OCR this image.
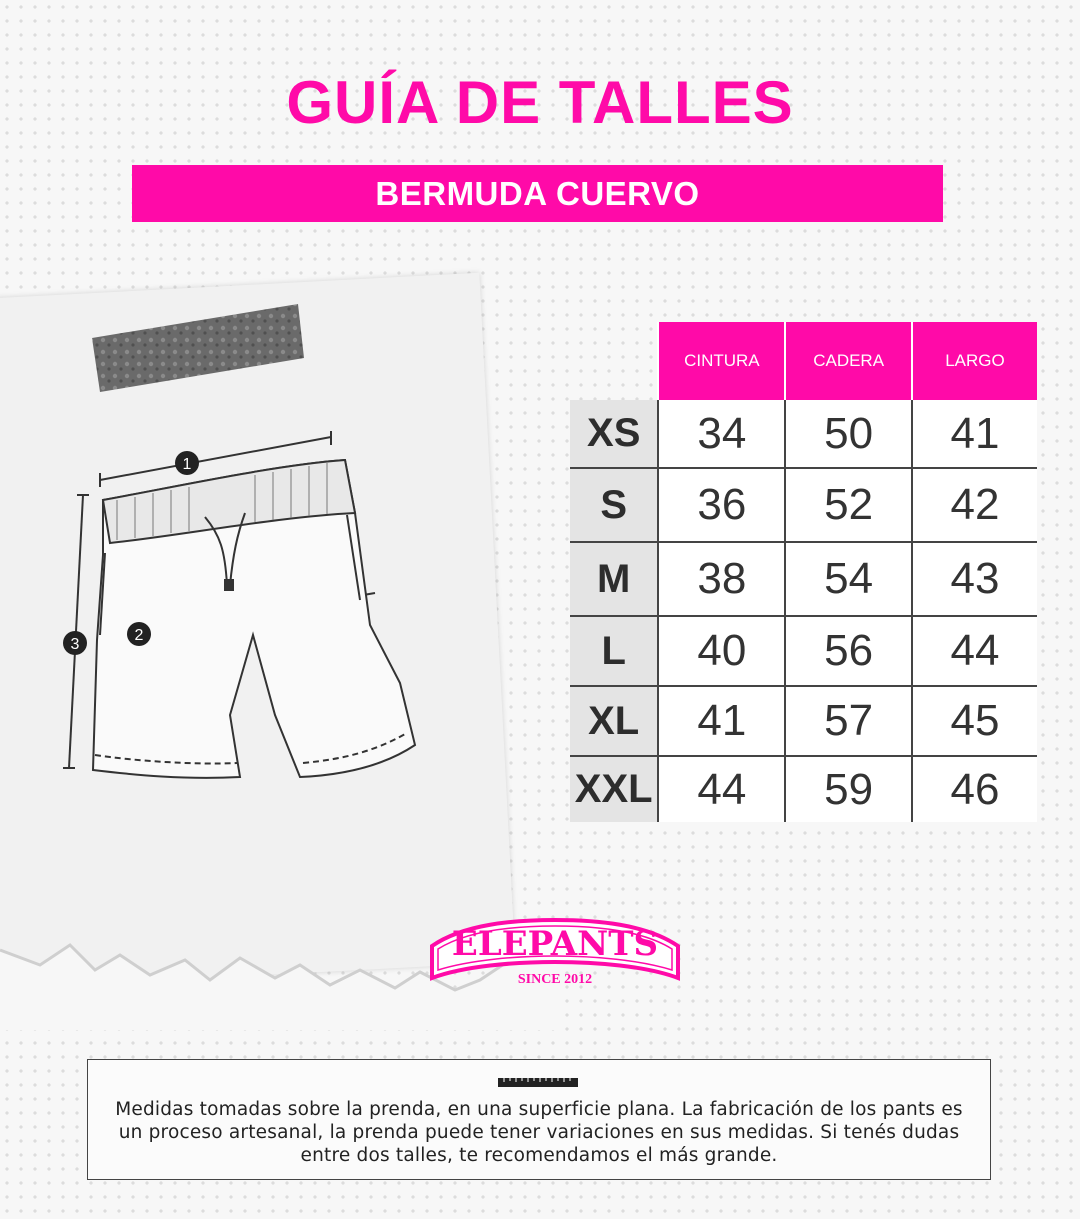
GUÍA DE TALLES
BERMUDA CUERVO
1
2
3
	CINTURA	CADERA	LARGO
XS	34	50	41
S	36	52	42
M	38	54	43
L	40	56	44
XL	41	57	45
XXL	44	59	46
ELEPANTS
SINCE 2012
Medidas tomadas sobre la prenda, en una superficie plana. La fabricación de los pants es un proceso artesanal, la prenda puede tener variaciones en sus medidas. Si tenés dudas entre dos talles, te recomendamos el más grande.
